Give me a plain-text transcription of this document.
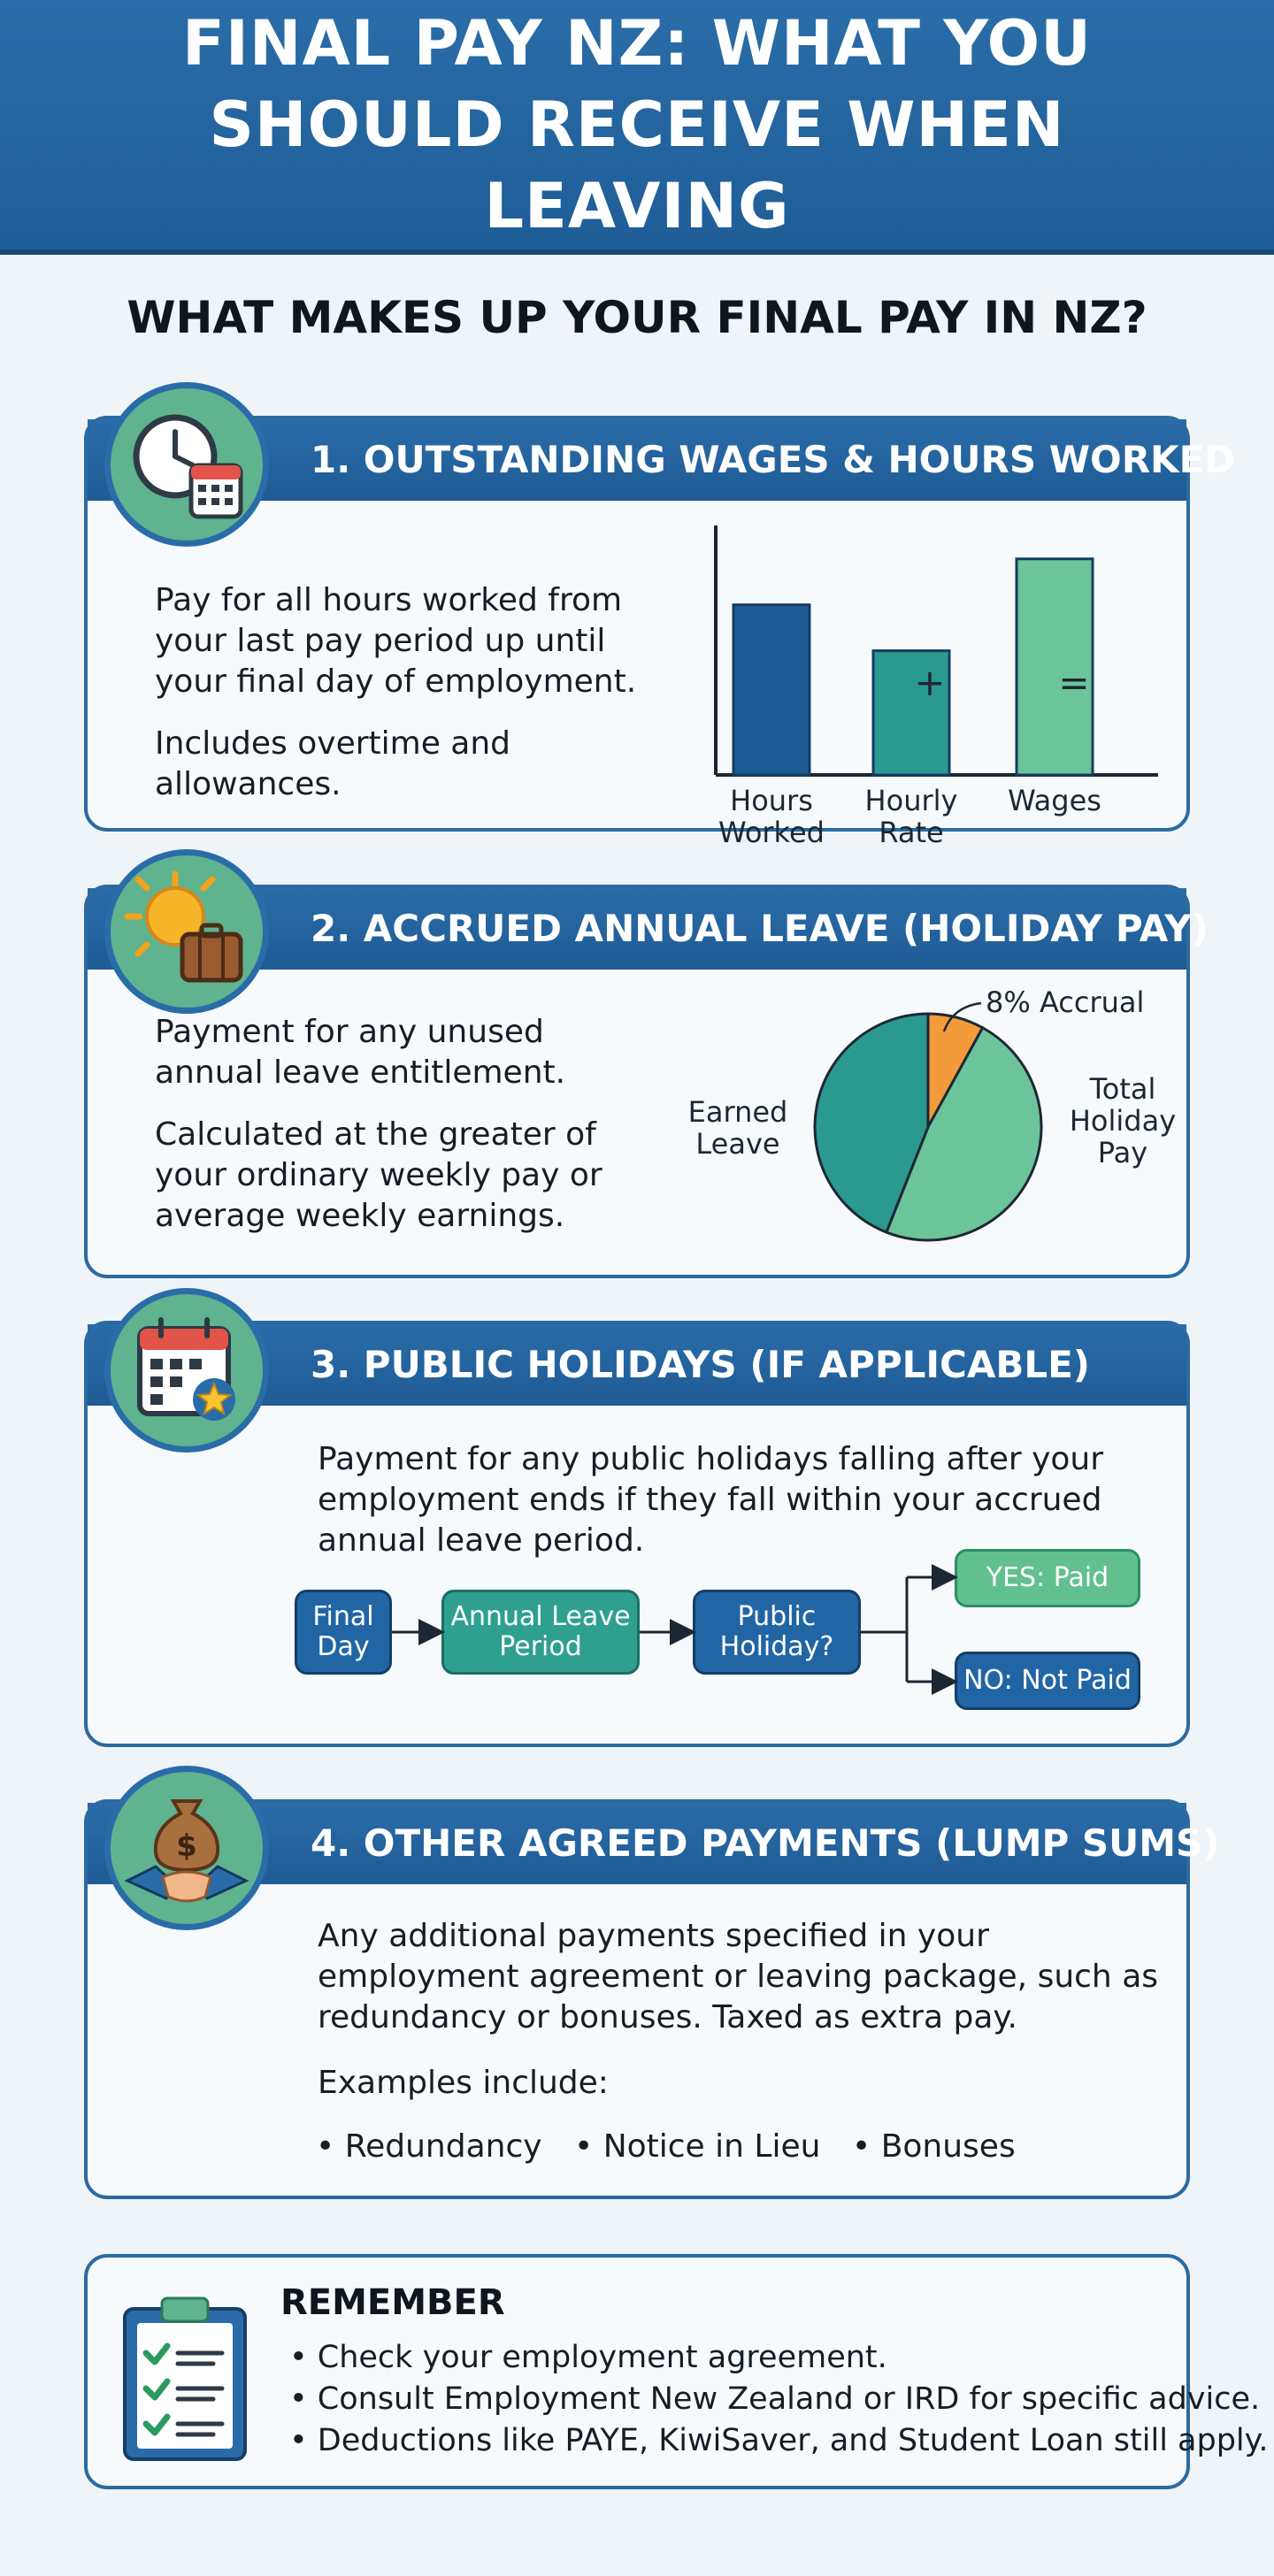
FINAL PAY NZ: WHAT YOU SHOULD RECEIVE WHEN LEAVING
WHAT MAKES UP YOUR FINAL PAY IN NZ?
1. OUTSTANDING WAGES & HOURS WORKED

Pay for all hours worked from your last pay period up until your final day of employment.

Includes overtime and allowances.	Hours
Worked
Hourly
Rate
Wages
+	=
2. ACCRUED ANNUAL LEAVE (HOLIDAY PAY)

Payment for any unused annual leave entitlement.

Calculated at the greater of your ordinary weekly pay or average weekly earnings.

8% Accrual
Total
Holiday
Pay
Earned
Leave
3. PUBLIC HOLIDAYS (IF APPLICABLE)

Payment for any public holidays falling after your employment ends if they fall within your accrued annual leave period.

Final Day
Annual Leave Period
Public Holiday?
YES: Paid
NO: Not Paid
4. OTHER AGREED PAYMENTS (LUMP SUMS)

Any additional payments specified in your employment agreement or leaving package, such as redundancy or bonuses. Taxed as extra pay.

Examples include:

• Redundancy	• Notice in Lieu • Bonuses
$
REMEMBER
• Check your employment agreement.
• Consult Employment New Zealand or IRD for specific advice.
• Deductions like PAYE, KiwiSaver, and Student Loan still apply.
